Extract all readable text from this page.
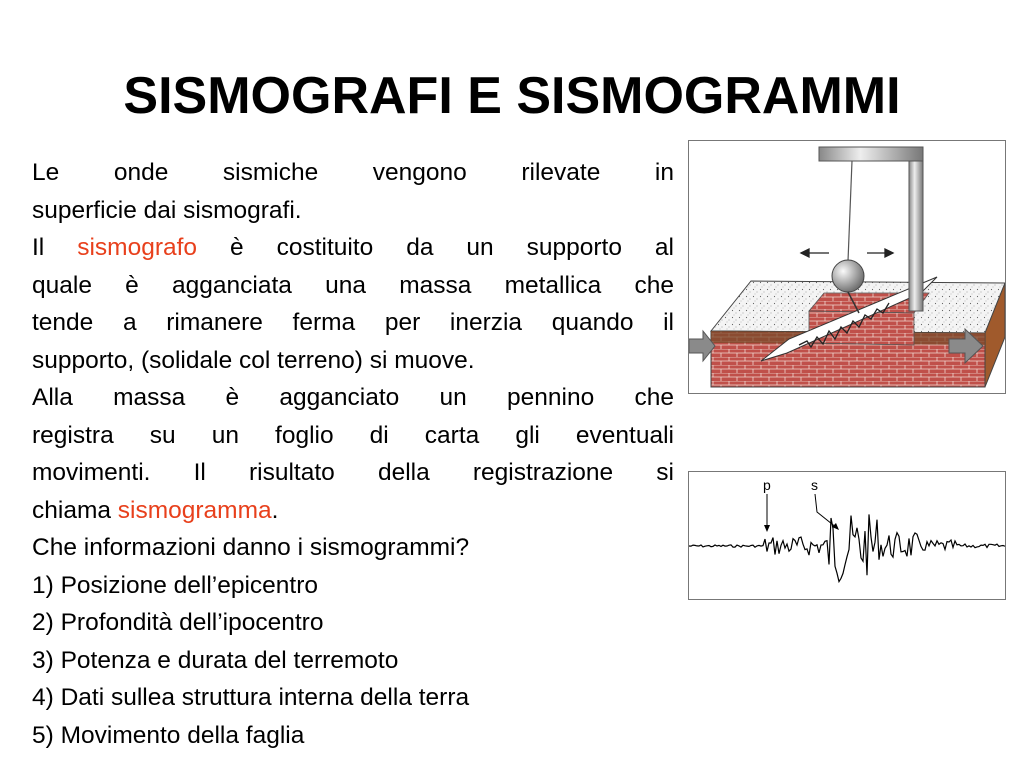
SISMOGRAFI E SISMOGRAMMI

Le onde sismiche vengono rilevate in

superficie dai sismografi.

Il sismografo è costituito da un supporto al

quale è agganciata una massa metallica che

tende a rimanere ferma per inerzia quando il

supporto, (solidale col terreno) si muove.

Alla massa è agganciato un pennino che

registra su un foglio di carta gli eventuali

movimenti. Il risultato della registrazione si

chiama sismogramma.

Che informazioni danno i sismogrammi?

1) Posizione dell’epicentro

2) Profondità dell’ipocentro

3) Potenza e durata del terremoto

4) Dati sullea struttura interna della terra

5) Movimento della faglia

p	s
